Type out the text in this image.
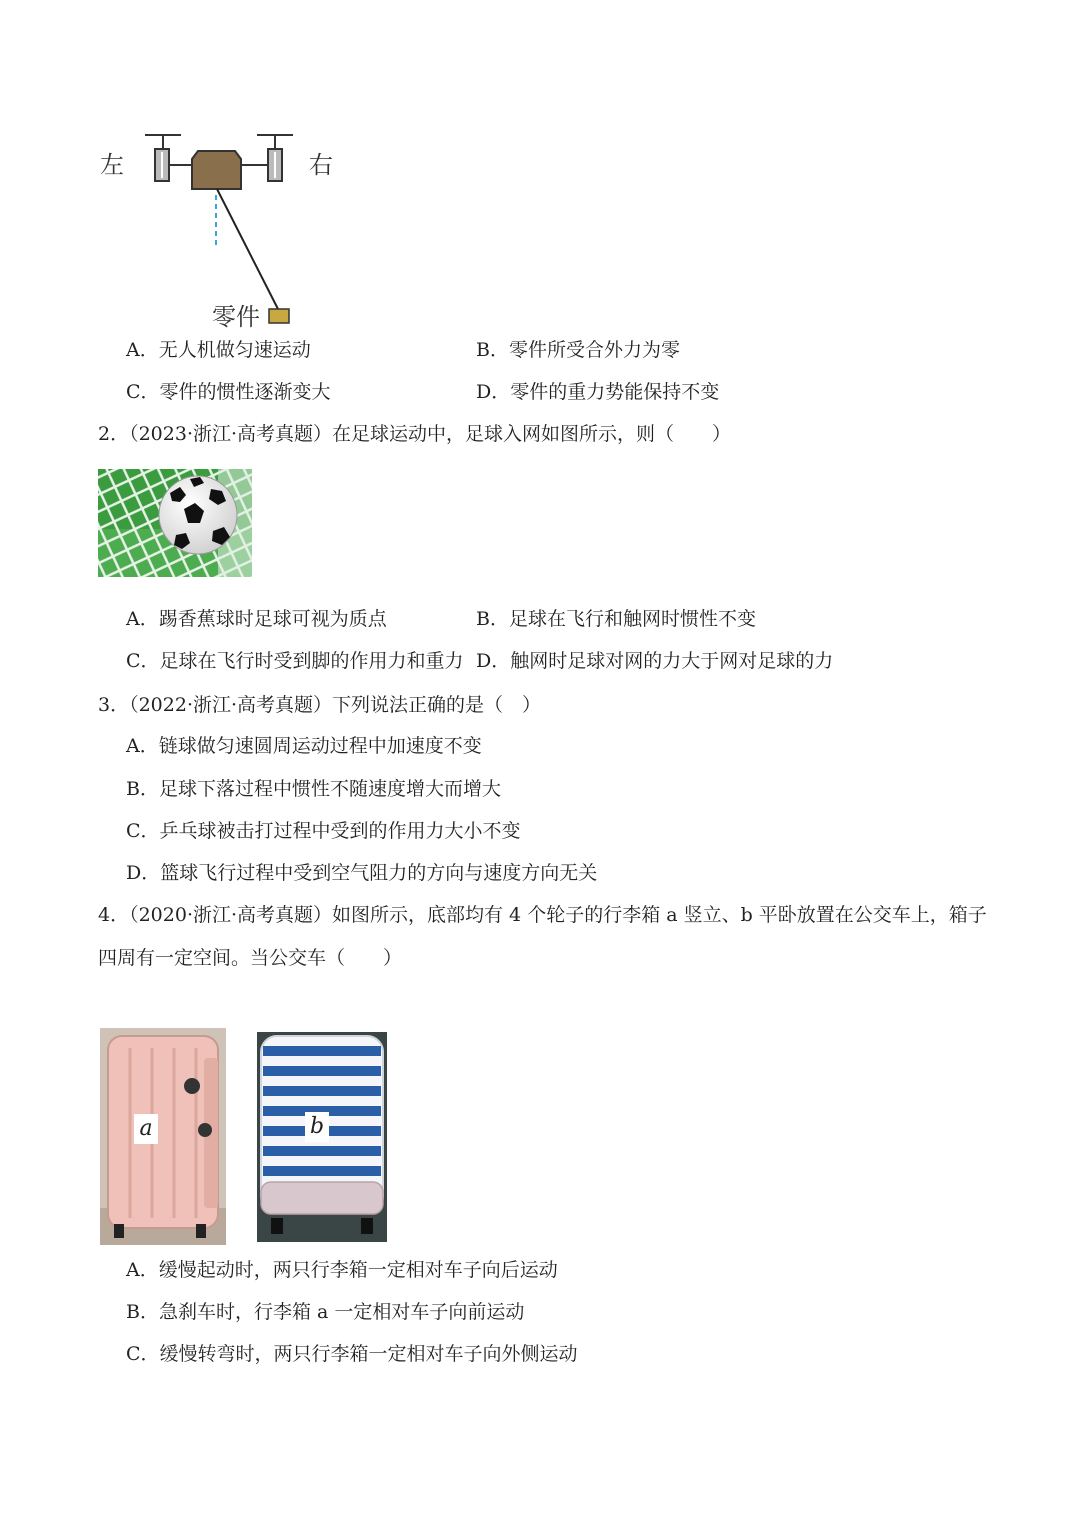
左	右
零件
A．无人机做匀速运动	B．零件所受合外力为零
C．零件的惯性逐渐变大	D．零件的重力势能保持不变
2．（2023·浙江·高考真题）在足球运动中，足球入网如图所示，则（　　）
A．踢香蕉球时足球可视为质点	B．足球在飞行和触网时惯性不变
C．足球在飞行时受到脚的作用力和重力 D．触网时足球对网的力大于网对足球的力
3．（2022·浙江·高考真题）下列说法正确的是（　）
A．链球做匀速圆周运动过程中加速度不变
B．足球下落过程中惯性不随速度增大而增大
C．乒乓球被击打过程中受到的作用力大小不变
D．篮球飞行过程中受到空气阻力的方向与速度方向无关
4．（2020·浙江·高考真题）如图所示，底部均有 4 个轮子的行李箱 a 竖立、b 平卧放置在公交车上，箱子
四周有一定空间。当公交车（　　）
a	b
A．缓慢起动时，两只行李箱一定相对车子向后运动
B．急刹车时，行李箱 a 一定相对车子向前运动
C．缓慢转弯时，两只行李箱一定相对车子向外侧运动
